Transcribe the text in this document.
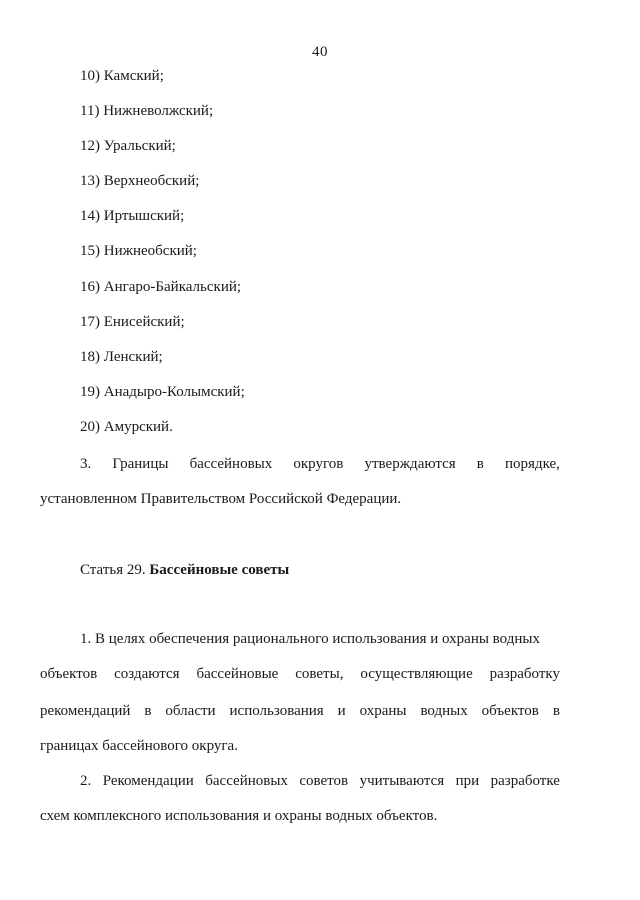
40
10) Камский;
11) Нижневолжский;
12) Уральский;
13) Верхнеобский;
14) Иртышский;
15) Нижнеобский;
16) Ангаро-Байкальский;
17) Енисейский;
18) Ленский;
19) Анадыро-Колымский;
20) Амурский.
3. Границы бассейновых округов утверждаются в порядке,
установленном Правительством Российской Федерации.
Статья 29. Бассейновые советы
1. В целях обеспечения рационального использования и охраны водных
объектов создаются бассейновые советы, осуществляющие разработку
рекомендаций в области использования и охраны водных объектов в
границах бассейнового округа.
2. Рекомендации бассейновых советов учитываются при разработке
схем комплексного использования и охраны водных объектов.
